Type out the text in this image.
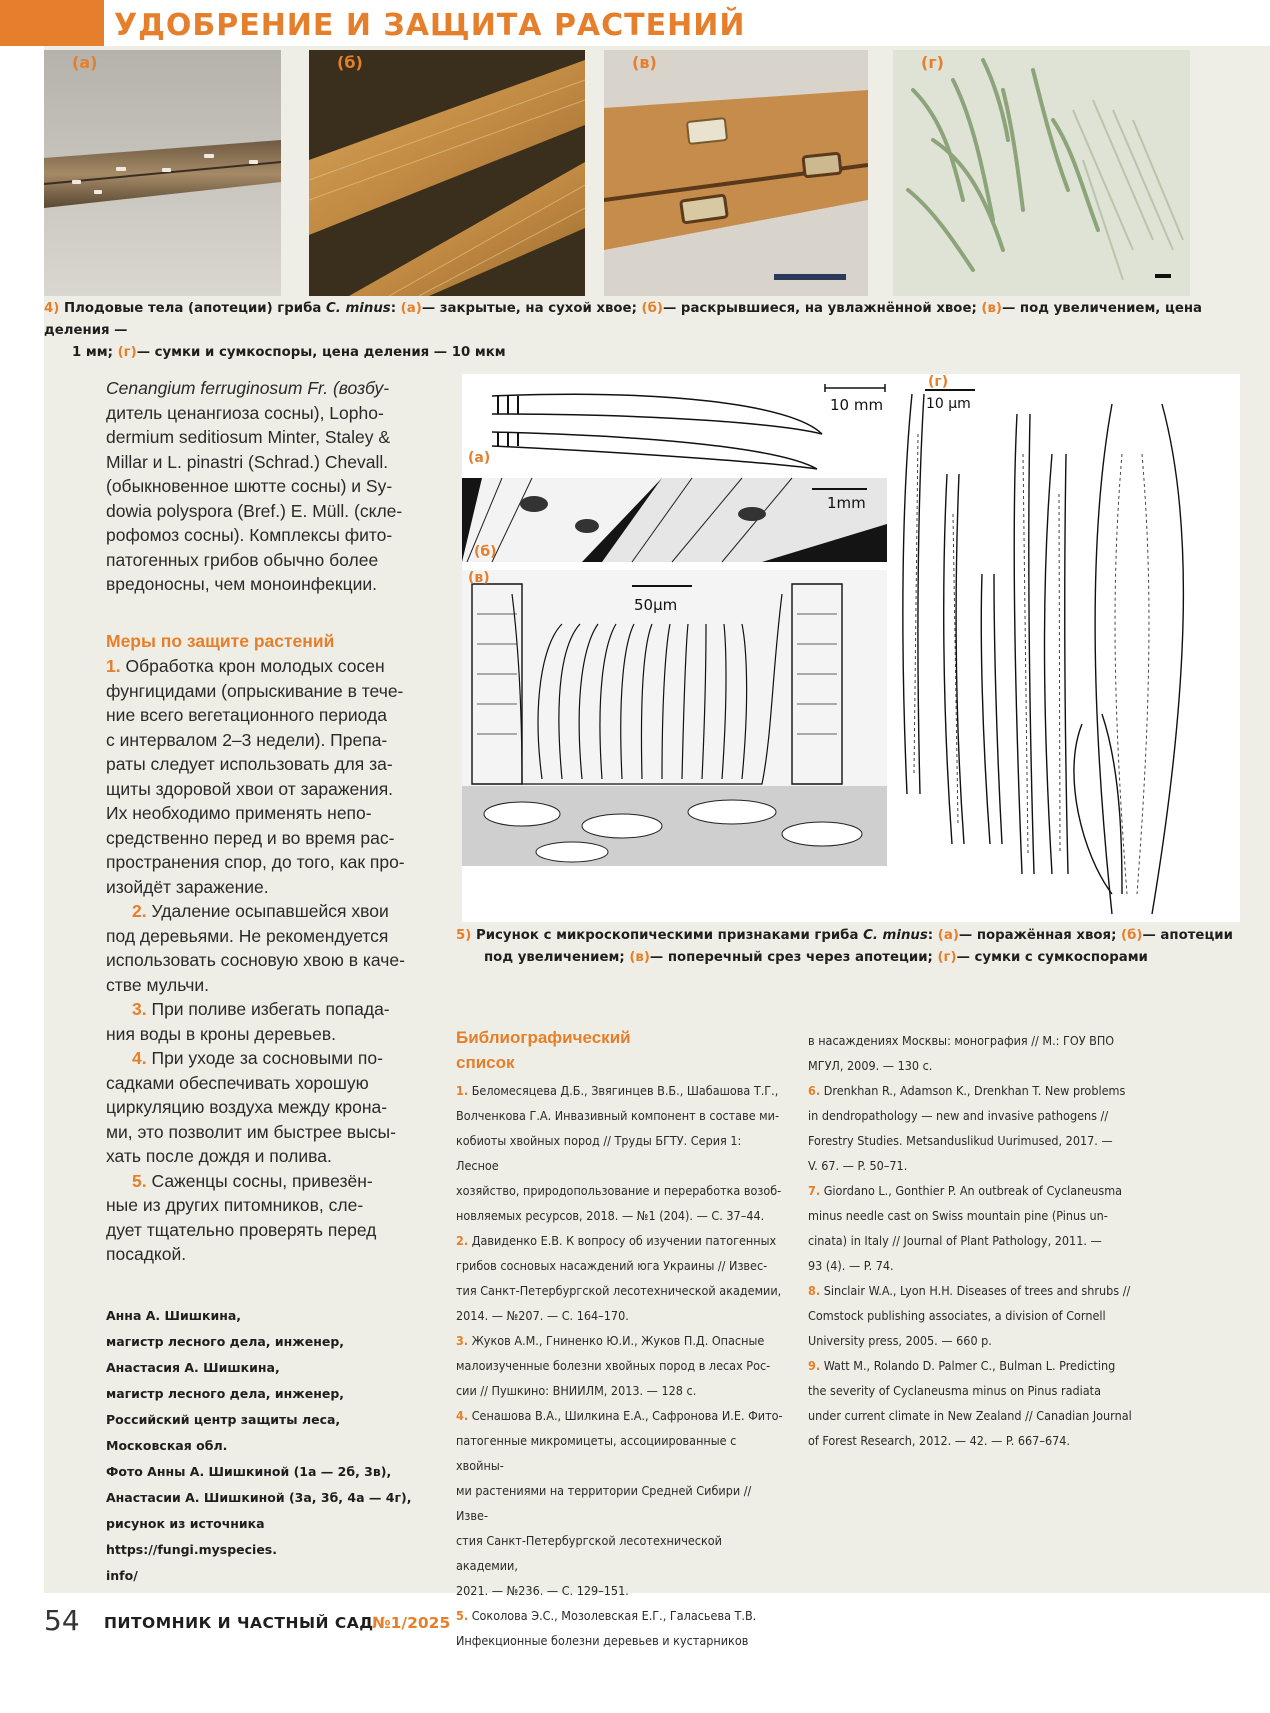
УДОБРЕНИЕ И ЗАЩИТА РАСТЕНИЙ
(а)	(б)	(в)	(г)

4) Плодовые тела (апотеции) гриба C. minus: (а)— закрытые, на сухой хвое; (б)— раскрывшиеся, на увлажнённой хвое; (в)— под увеличением, цена деления —

1 мм; (г)— сумки и сумкоспоры, цена деления — 10 мкм

Cenangium ferruginosum Fr. (возбу-

дитель ценангиоза сосны), Lopho-

dermium seditiosum Minter, Staley &

Millar и L. pinastri (Schrad.) Chevall.

(обыкновенное шютте сосны) и Sy-

dowia polyspora (Bref.) E. Müll. (скле-

рофомоз сосны). Комплексы фито-

патогенных грибов обычно более

вредоносны, чем моноинфекции.

Меры по защите растений

1. Обработка крон молодых сосен

фунгицидами (опрыскивание в тече-

ние всего вегетационного периода

с интервалом 2–3 недели). Препа-

раты следует использовать для за-

щиты здоровой хвои от заражения.

Их необходимо применять непо-

средственно перед и во время рас-

пространения спор, до того, как про-

изойдёт заражение.

2. Удаление осыпавшейся хвои

под деревьями. Не рекомендуется

использовать сосновую хвою в каче-

стве мульчи.

3. При поливе избегать попада-

ния воды в кроны деревьев.

4. При уходе за сосновыми по-

садками обеспечивать хорошую

циркуляцию воздуха между крона-

ми, это позволит им быстрее высы-

хать после дождя и полива.

5. Саженцы сосны, привезён-

ные из других питомников, сле-

дует тщательно проверять перед

посадкой.

Анна А. Шишкина,

магистр лесного дела, инженер,

Анастасия А. Шишкина,

магистр лесного дела, инженер,

Российский центр защиты леса,

Московская обл.

Фото Анны А. Шишкиной (1а — 2б, 3в),

Анастасии А. Шишкиной (3а, 3б, 4а — 4г),

рисунок из источника https://fungi.myspecies.

info/

10 mm
1mm
50µm
10 µm
(а)
(б)
(в)
(г)

5) Рисунок с микроскопическими признаками гриба C. minus: (а)— поражённая хвоя; (б)— апотеции

под увеличением; (в)— поперечный срез через апотеции; (г)— сумки с сумкоспорами

Библиографический
список

1. Беломесяцева Д.Б., Звягинцев В.Б., Шабашова Т.Г.,

Волченкова Г.А. Инвазивный компонент в составе ми-

кобиоты хвойных пород // Труды БГТУ. Серия 1: Лесное

хозяйство, природопользование и переработка возоб-

новляемых ресурсов, 2018. — №1 (204). — С. 37–44.

2. Давиденко Е.В. К вопросу об изучении патогенных

грибов сосновых насаждений юга Украины // Извес-

тия Санкт-Петербургской лесотехнической академии,

2014. — №207. — С. 164–170.

3. Жуков А.М., Гниненко Ю.И., Жуков П.Д. Опасные

малоизученные болезни хвойных пород в лесах Рос-

сии // Пушкино: ВНИИЛМ, 2013. — 128 с.

4. Сенашова В.А., Шилкина Е.А., Сафронова И.Е. Фито-

патогенные микромицеты, ассоциированные с хвойны-

ми растениями на территории Средней Сибири // Изве-

стия Санкт-Петербургской лесотехнической академии,

2021. — №236. — С. 129–151.

5. Соколова Э.С., Мозолевская Е.Г., Галасьева Т.В.

Инфекционные болезни деревьев и кустарников

в насаждениях Москвы: монография // М.: ГОУ ВПО

МГУЛ, 2009. — 130 с.

6. Drenkhan R., Adamson K., Drenkhan T. New problems

in dendropathology — new and invasive pathogens //

Forestry Studies. Metsanduslikud Uurimused, 2017. —

V. 67. — P. 50–71.

7. Giordano L., Gonthier P. An outbreak of Cyclaneusma

minus needle cast on Swiss mountain pine (Pinus un-

cinata) in Italy // Journal of Plant Pathology, 2011. —

93 (4). — P. 74.

8. Sinclair W.A., Lyon H.H. Diseases of trees and shrubs //

Comstock publishing associates, a division of Cornell

University press, 2005. — 660 p.

9. Watt M., Rolando D. Palmer C., Bulman L. Predicting

the severity of Cyclaneusma minus on Pinus radiata

under current climate in New Zealand // Canadian Journal

of Forest Research, 2012. — 42. — P. 667–674.

54 ПИТОМНИК И ЧАСТНЫЙ САД

№1/2025
